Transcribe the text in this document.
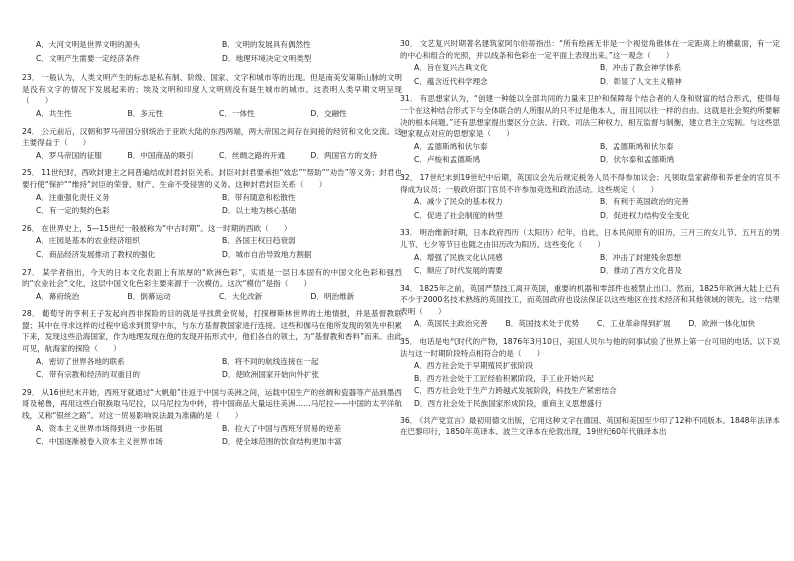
A．大河文明是世界文明的源头	B．文明的发展具有偶然性
C．文明产生需要一定经济条件	D．地理环境决定文明类型
23． 一般认为，人类文明产生的标志是私有制、阶级、国家、文字和城市等的出现。但是南美安第斯山脉的文明是没有文字的情况下发展起来的；埃及文明和印度人文明则没有诞生城市的城市。这表明人类早期文明呈现（　　）
A．共生性	B．多元性	C．一体性	D．交融性
24． 公元前后，汉朝和罗马帝国分别统治于亚欧大陆的东西两端，两大帝国之间存在间接的经贸和文化交流。这主要得益于（　　）
A．罗马帝国的征服	B．中国商品的吸引	C．丝绸之路的开通	D．两国官方的支持
25． 11世纪时，西欧封建主之间普遍结成封君封臣关系。封臣对封君要承担“效忠”“帮助”“劝告”等义务；封君也要行使“保护”“维持”封臣的荣誉、财产、生命不受侵害的义务。这种封君封臣关系（　　）
A．注重强化责任义务	B．带有随意和松散性
C．有一定的契约色彩	D．以土地为核心基础
26． 在世界史上，5—15世纪一般被称为“中古时期”。这一时期的西欧（　　）
A．庄园是基本的农业经济组织	B．各国王权日趋衰弱
C．商品经济发展推动了教权的强化	D．城市自治导致地方割据
27． 某学者指出，今天的日本文化表面上有浓厚的“欧洲色彩”，实质是一层日本固有的中国文化色彩和强烈的“农业社会”文化，这层中国文化色彩主要来源于一次模仿。这次“模仿”是指（　　）
A．幕府统治	B．倒幕运动	C．大化改新	D．明治维新
28． 葡萄牙的亨利王子发起向西非探险的目的就是寻找黄金贸易，打探穆斯林世界的土地情报，并是基督教联盟；其中在寻求这样的过程中追求到贯穿中东，与东方基督教国家进行连接。这些和伽马在他所发现的领先中积累下来，发现这些沿海国家，作为地理发现在他的发现开拓形式中，他们各自的领土，为“基督教和香料”而来。由此可见，航海家的探险（　　）
A．密切了世界各地的联系	B．将不同的航线连接在一起
C．带有宗教和经济的双重目的	D．使欧洲国家开始向外扩张
29． 从16世纪末开始，西班牙就通过“大帆船”往返于中国与美洲之间，运载中国生产的丝绸和瓷器等产品到墨西哥及秘鲁，再用这些白银换取马尼拉，以马尼拉为中转，将中国商品大量运往美洲……马尼拉——中国的太平洋航线，又称“银丝之路”。对这一贸易影响说法最为准确的是（　　）
A．资本主义世界市场得到进一步拓展	B．拉大了中国与西班牙贸易的逆差
C．中国逐渐被卷入资本主义世界市场	D．使全球范围的饮食结构更加丰富
30． 文艺复兴时期著名建筑家阿尔伯蒂指出：“所有绘画无非是一个视觉角锥体在一定距离上的横截面，有一定的中心和组合的光照，并以线条和色彩在一定平面上表现出来。”这一观念（　　）
A．旨在复兴古典文化	B．冲击了教会神学体系
C．蕴含近代科学理念	D．彰显了人文主义精神
31． 有思想家认为，“创建一种能以全部共同的力量来卫护和保障每个结合者的人身和财富的结合形式，使得每一个在这种结合形式下与全体联合的人所服从的只不过是他本人，而且同以往一样的自由。这就是社会契约所要解决的根本问题。”还有思想家提出要区分立法、行政、司法三种权力，相互监督与制衡，建立君主立宪制。与这些思想家观点对应的思想家是（　　）
A．孟德斯鸠和伏尔泰	B．孟德斯鸠和伏尔泰
C．卢梭和孟德斯鸠	D．伏尔泰和孟德斯鸠
32． 17世纪末到19世纪中后期，英国议会先后规定税务人员不得参加议会；凡领取皇家薪俸和养老金的官员不得成为议员；一般政府部门官员不许参加竞选和政治活动。这些规定（　　）
A．减少了民众的基本权力	B．有利于英国政治的完善
C．促进了社会制度的转型	D．促进权力结构安全变化
33． 明治维新时期，日本政府西历（太阳历）纪年，自此，日本民间原有的旧历，三月三的女儿节、五月五的男儿节、七夕等节日也随之由旧历改为阳历。这些变化（　　）
A．增强了民族文化认同感	B．冲击了封建残余思想
C．顺应了时代发展的需要	D．推动了西方文化普及
34． 1825年之前，英国严禁技工离开英国，重要的机器和零部件也被禁止出口。然而，1825年欧洲大陆上已有不少于2000名技术熟练的英国技工，而英国政府也设法保证以这些地区在技术经济和其他领域的领先。这一结果表明（　　）
A．英国民主政治完善	B．英国技术处于优势	C．工业革命得到扩展	D．欧洲一体化加快
35． 电话是电气时代的产物，1876年3月10日，美国人贝尔与他的同事试验了世界上第一台可用的电话。以下说法与这一时期阶段特点相符合的是（　　）
A．西方社会处于早期殖民扩张阶段
B．西方社会处于工匠经验积累阶段，手工业开始兴起
C．西方社会处于生产力跨越式发展阶段，科技生产紧密结合
D．西方社会处于民族国家形成阶段，重商主义思想盛行
36． 《共产党宣言》最初用德文出版，它用这种文字在德国、英国和美国至少印了12种不同版本。1848年法译本在巴黎印行，1850年英译本、波兰文译本在伦敦出现，19世纪60年代俄译本出
